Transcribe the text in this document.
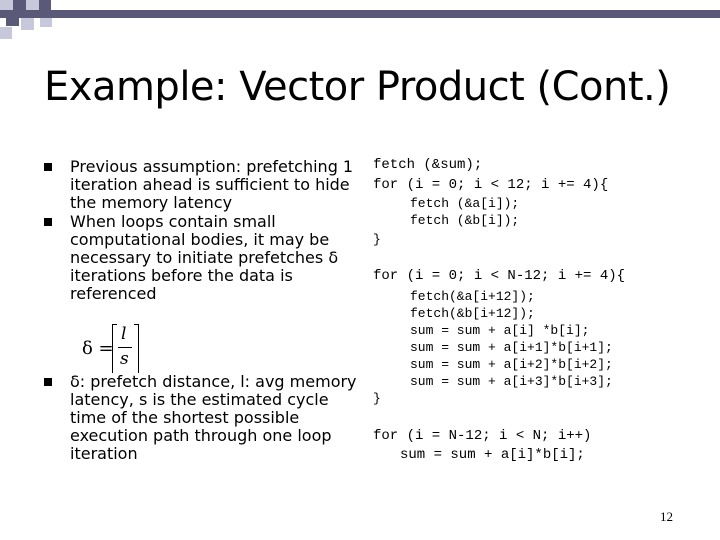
Example: Vector Product (Cont.)
Previous assumption: prefetching 1 iteration ahead is sufficient to hide the memory latency
When loops contain small computational bodies, it may be necessary to initiate prefetches δ iterations before the data is referenced
δ =
l
s
δ: prefetch distance, l: avg memory latency, s is the estimated cycle time of the shortest possible execution path through one loop iteration
fetch (&sum);
for (i = 0; i < 12; i += 4){
fetch (&a[i]);
fetch (&b[i]);
}
for (i = 0; i < N-12; i += 4){
fetch(&a[i+12]);
fetch(&b[i+12]);
sum = sum + a[i] *b[i];
sum = sum + a[i+1]*b[i+1];
sum = sum + a[i+2]*b[i+2];
sum = sum + a[i+3]*b[i+3];
}
for (i = N-12; i < N; i++)
sum = sum + a[i]*b[i];
12
